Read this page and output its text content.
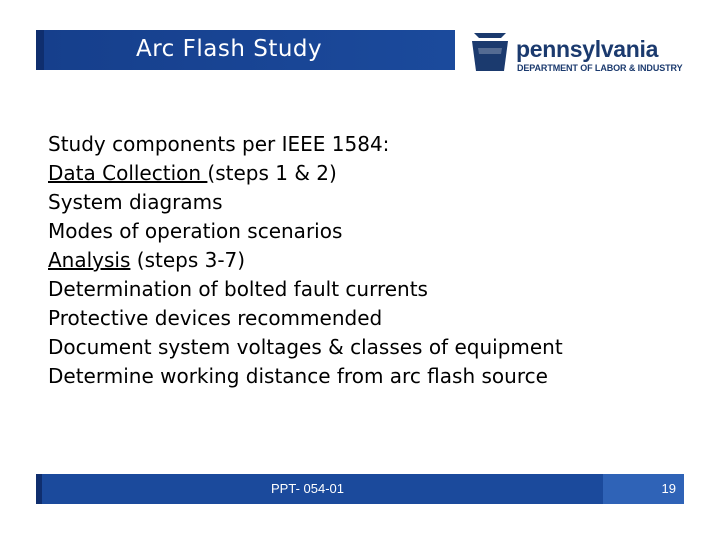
Arc Flash Study	pennsylvania
DEPARTMENT OF LABOR & INDUSTRY
Study components per IEEE 1584:
Data Collection (steps 1 & 2)
System diagrams
Modes of operation scenarios
Analysis (steps 3-7)
Determination of bolted fault currents
Protective devices recommended
Document system voltages & classes of equipment
Determine working distance from arc flash source
PPT- 054-01	19
